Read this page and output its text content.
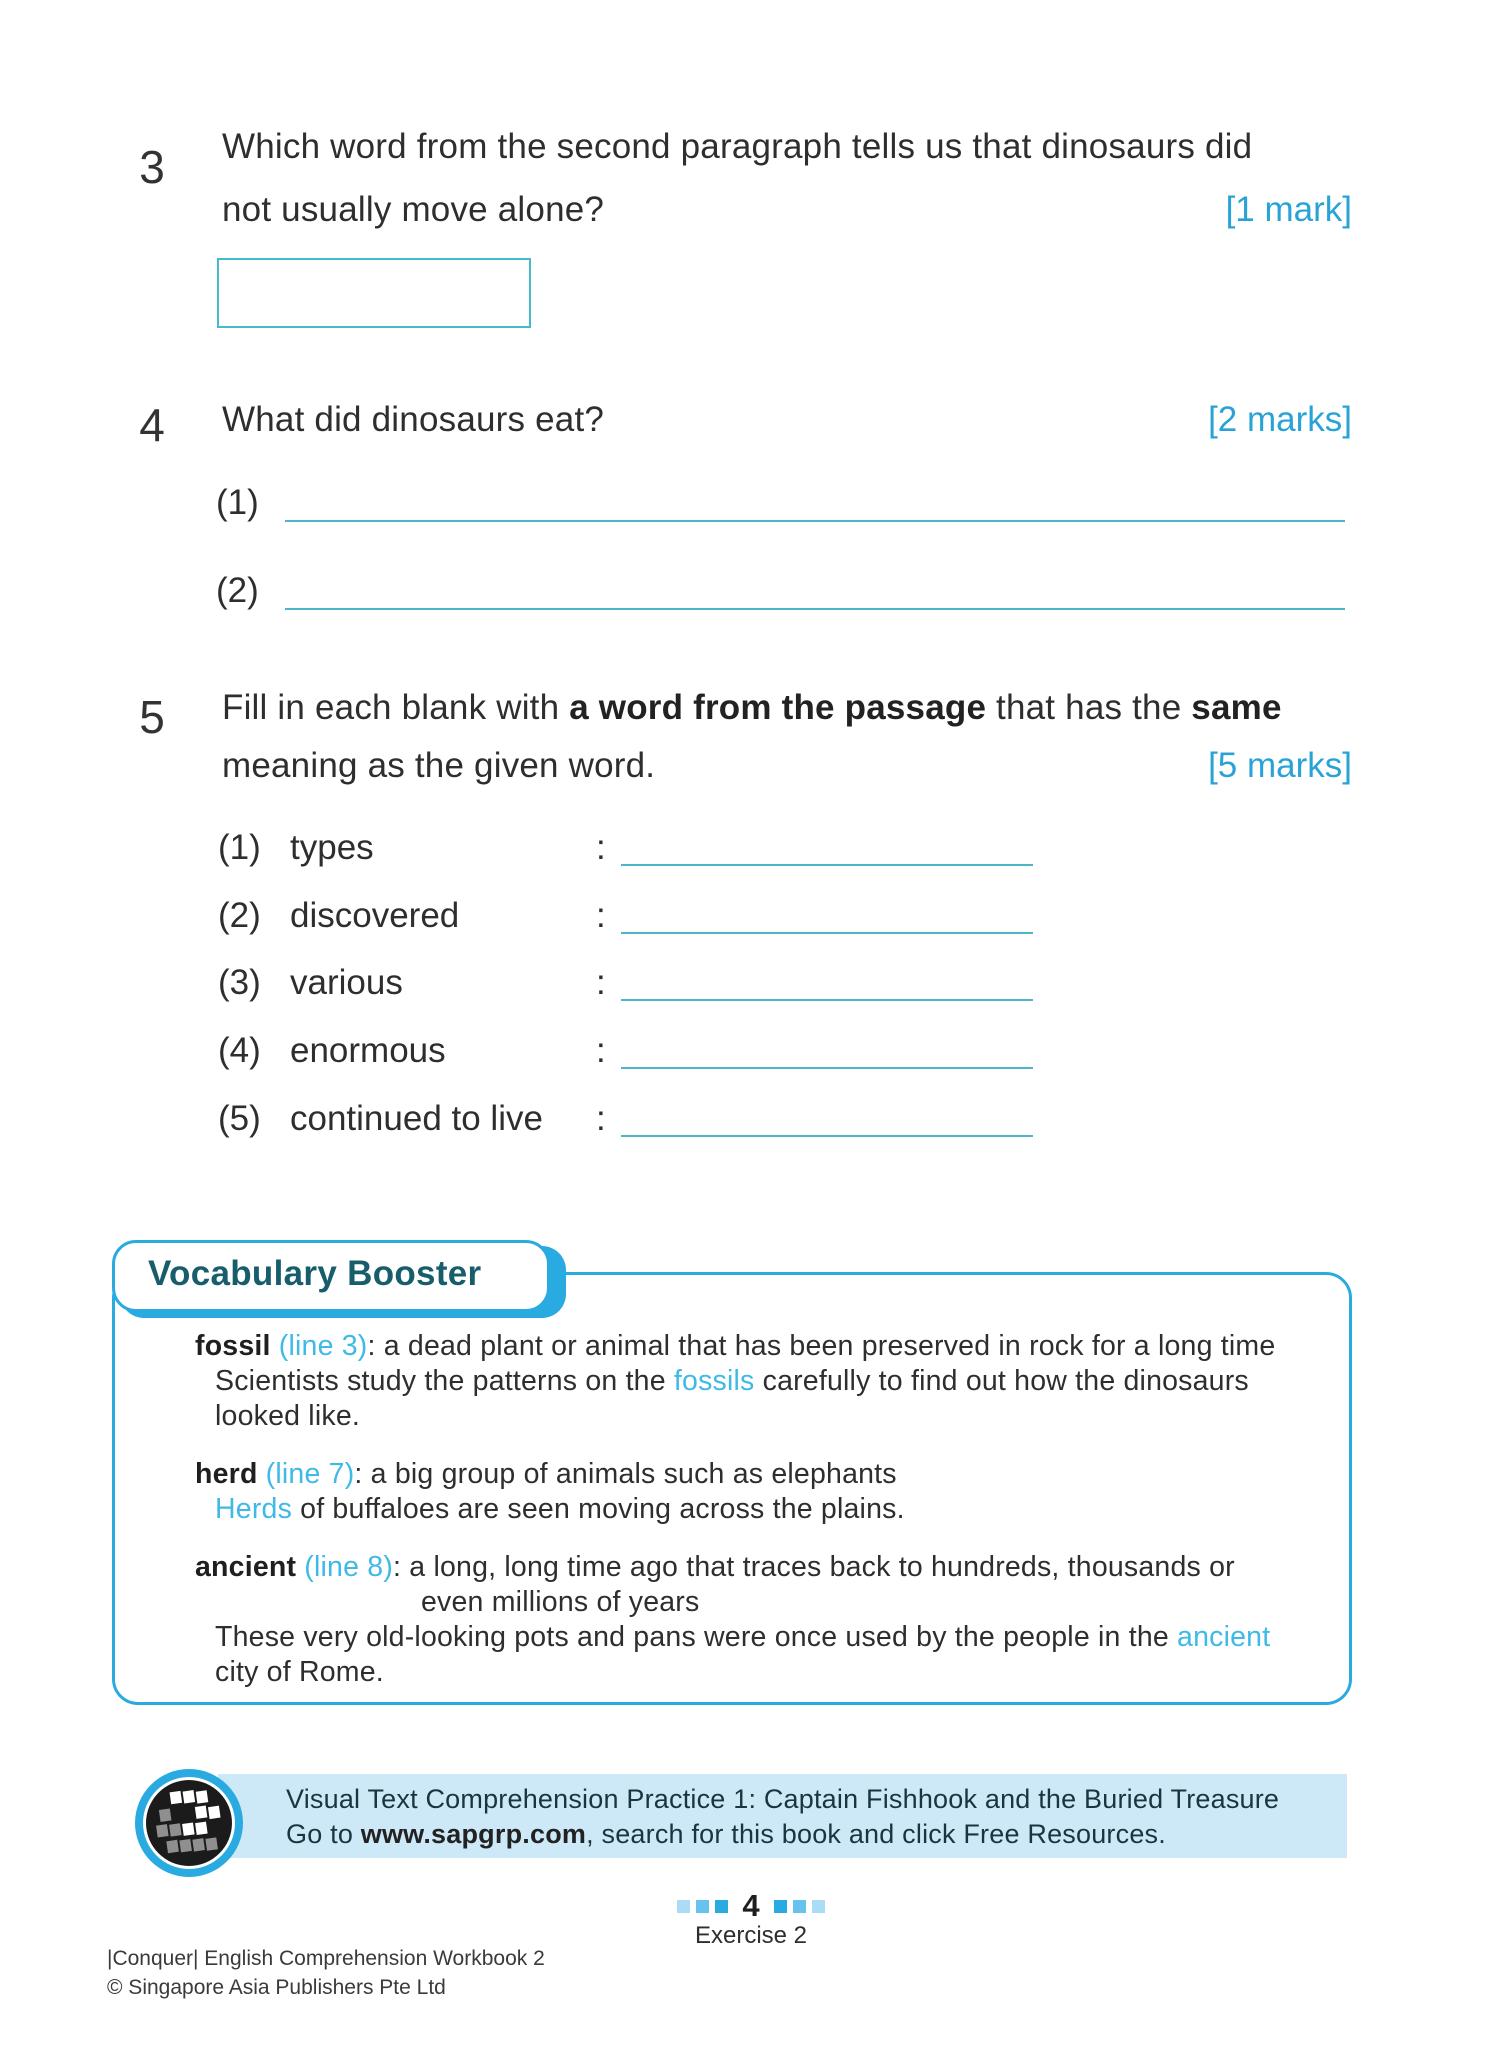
3	Which word from the second paragraph tells us that dinosaurs did
not usually move alone?	[1 mark]
4	What did dinosaurs eat?	[2 marks]
(1)
(2)
5	Fill in each blank with a word from the passage that has the same
meaning as the given word.	[5 marks]
(1) types	:
(2) discovered	:
(3) various	:
(4) enormous	:
(5) continued to live :
Vocabulary Booster
fossil (line 3): a dead plant or animal that has been preserved in rock for a long time
Scientists study the patterns on the fossils carefully to find out how the dinosaurs
looked like.
herd (line 7): a big group of animals such as elephants
Herds of buffaloes are seen moving across the plains.
ancient (line 8): a long, long time ago that traces back to hundreds, thousands or
even millions of years
These very old-looking pots and pans were once used by the people in the ancient
city of Rome.
Visual Text Comprehension Practice 1: Captain Fishhook and the Buried Treasure
Go to www.sapgrp.com, search for this book and click Free Resources.
4
Exercise 2
|Conquer| English Comprehension Workbook 2
© Singapore Asia Publishers Pte Ltd
